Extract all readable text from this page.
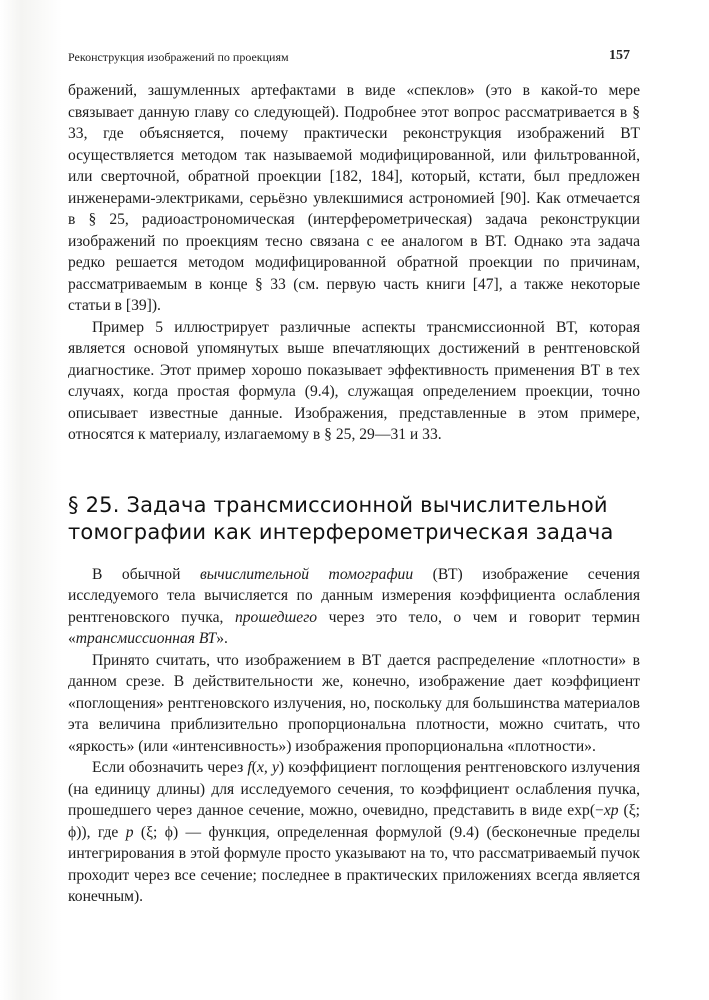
Реконструкция изображений по проекциям	157

бражений, зашумленных артефактами в виде «спеклов» (это в какой-то мере связывает данную главу со следующей). Подробнее этот вопрос рассматривается в § 33, где объясняется, почему практически реконструкция изображений ВТ осуществляется методом так называемой модифицированной, или фильтрованной, или сверточной, обратной проекции [182, 184], который, кстати, был предложен инженерами-электриками, серьёзно увлекшимися астрономией [90]. Как отмечается в § 25, радиоастрономическая (интерферометрическая) задача реконструкции изображений по проекциям тесно связана с ее аналогом в ВТ. Однако эта задача редко решается методом модифицированной обратной проекции по причинам, рассматриваемым в конце § 33 (см. первую часть книги [47], а также некоторые статьи в [39]).

Пример 5 иллюстрирует различные аспекты трансмиссионной ВТ, которая является основой упомянутых выше впечатляющих достижений в рентгеновской диагностике. Этот пример хорошо показывает эффективность применения ВТ в тех случаях, когда простая формула (9.4), служащая определением проекции, точно описывает известные данные. Изображения, представленные в этом примере, относятся к материалу, излагаемому в § 25, 29—31 и 33.

§ 25. Задача трансмиссионной вычислительной
томографии как интерферометрическая задача

В обычной вычислительной томографии (ВТ) изображение сечения исследуемого тела вычисляется по данным измерения коэффициента ослабления рентгеновского пучка, прошедшего через это тело, о чем и говорит термин «трансмиссионная ВТ».

Принято считать, что изображением в ВТ дается распределение «плотности» в данном срезе. В действительности же, конечно, изображение дает коэффициент «поглощения» рентгеновского излучения, но, поскольку для большинства материалов эта величина приблизительно пропорциональна плотности, можно считать, что «яркость» (или «интенсивность») изображения пропорциональна «плотности».

Если обозначить через f(x, y) коэффициент поглощения рентгеновского излучения (на единицу длины) для исследуемого сечения, то коэффициент ослабления пучка, прошедшего через данное сечение, можно, очевидно, представить в виде exp(−xp (ξ; ϕ)), где p (ξ; ϕ) — функция, определенная формулой (9.4) (бесконечные пределы интегрирования в этой формуле просто указывают на то, что рассматриваемый пучок проходит через все сечение; последнее в практических приложениях всегда является конечным).
